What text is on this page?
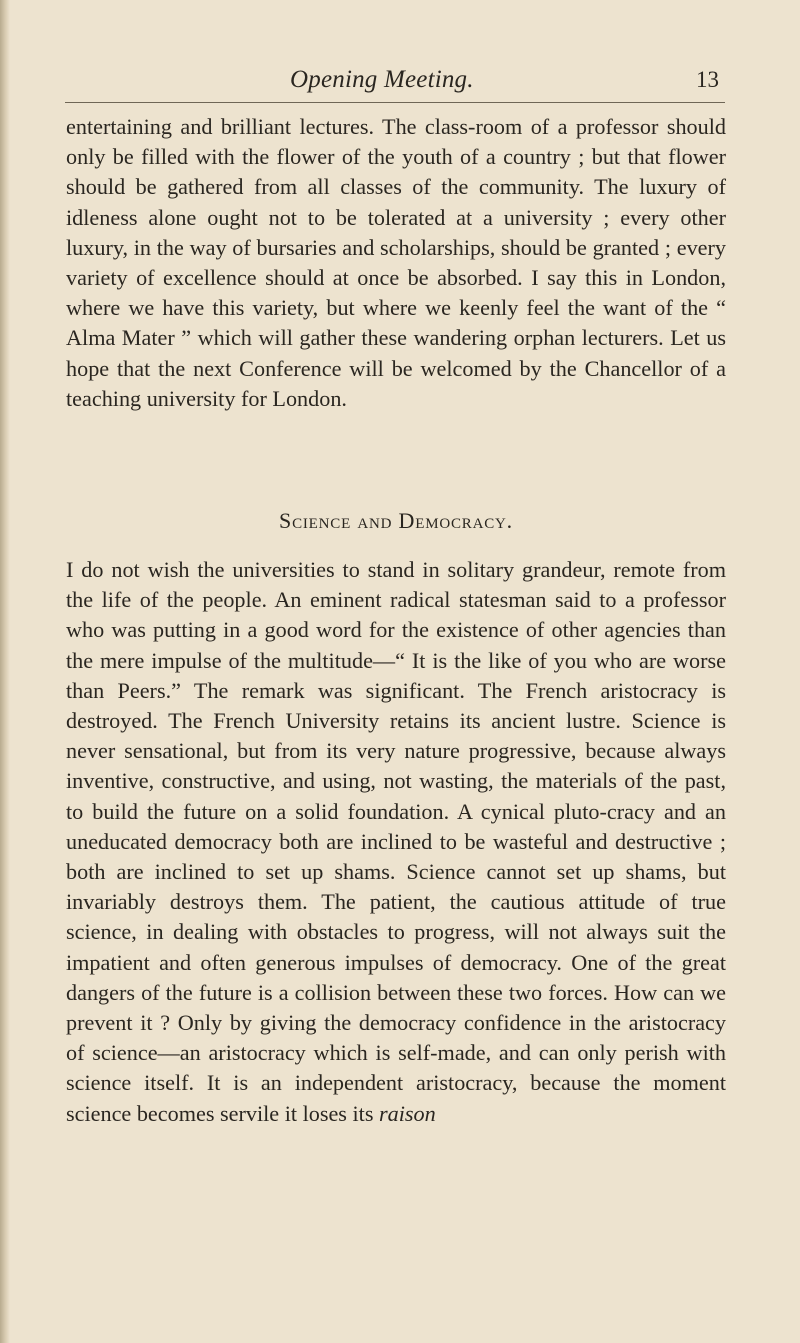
Opening Meeting.	13

entertaining and brilliant lectures. The class-room of a professor should only be filled with the flower of the youth of a country ; but that flower should be gathered from all classes of the community. The luxury of idleness alone ought not to be tolerated at a university ; every other luxury, in the way of bursaries and scholarships, should be granted ; every variety of excellence should at once be absorbed. I say this in London, where we have this variety, but where we keenly feel the want of the “ Alma Mater ” which will gather these wandering orphan lecturers. Let us hope that the next Conference will be welcomed by the Chancellor of a teaching university for London.

Science and Democracy.

I do not wish the universities to stand in solitary grandeur, remote from the life of the people. An eminent radical statesman said to a professor who was putting in a good word for the existence of other agencies than the mere impulse of the multitude—“ It is the like of you who are worse than Peers.” The remark was significant. The French aristocracy is destroyed. The French University retains its ancient lustre. Science is never sensational, but from its very nature progressive, because always inventive, constructive, and using, not wasting, the materials of the past, to build the future on a solid foundation. A cynical pluto-cracy and an uneducated democracy both are inclined to be wasteful and destructive ; both are inclined to set up shams. Science cannot set up shams, but invariably destroys them. The patient, the cautious attitude of true science, in dealing with obstacles to progress, will not always suit the impatient and often generous impulses of democracy. One of the great dangers of the future is a collision between these two forces. How can we prevent it ? Only by giving the democracy confidence in the aristocracy of science—an aristocracy which is self-made, and can only perish with science itself. It is an independent aristocracy, because the moment science becomes servile it loses its raison
